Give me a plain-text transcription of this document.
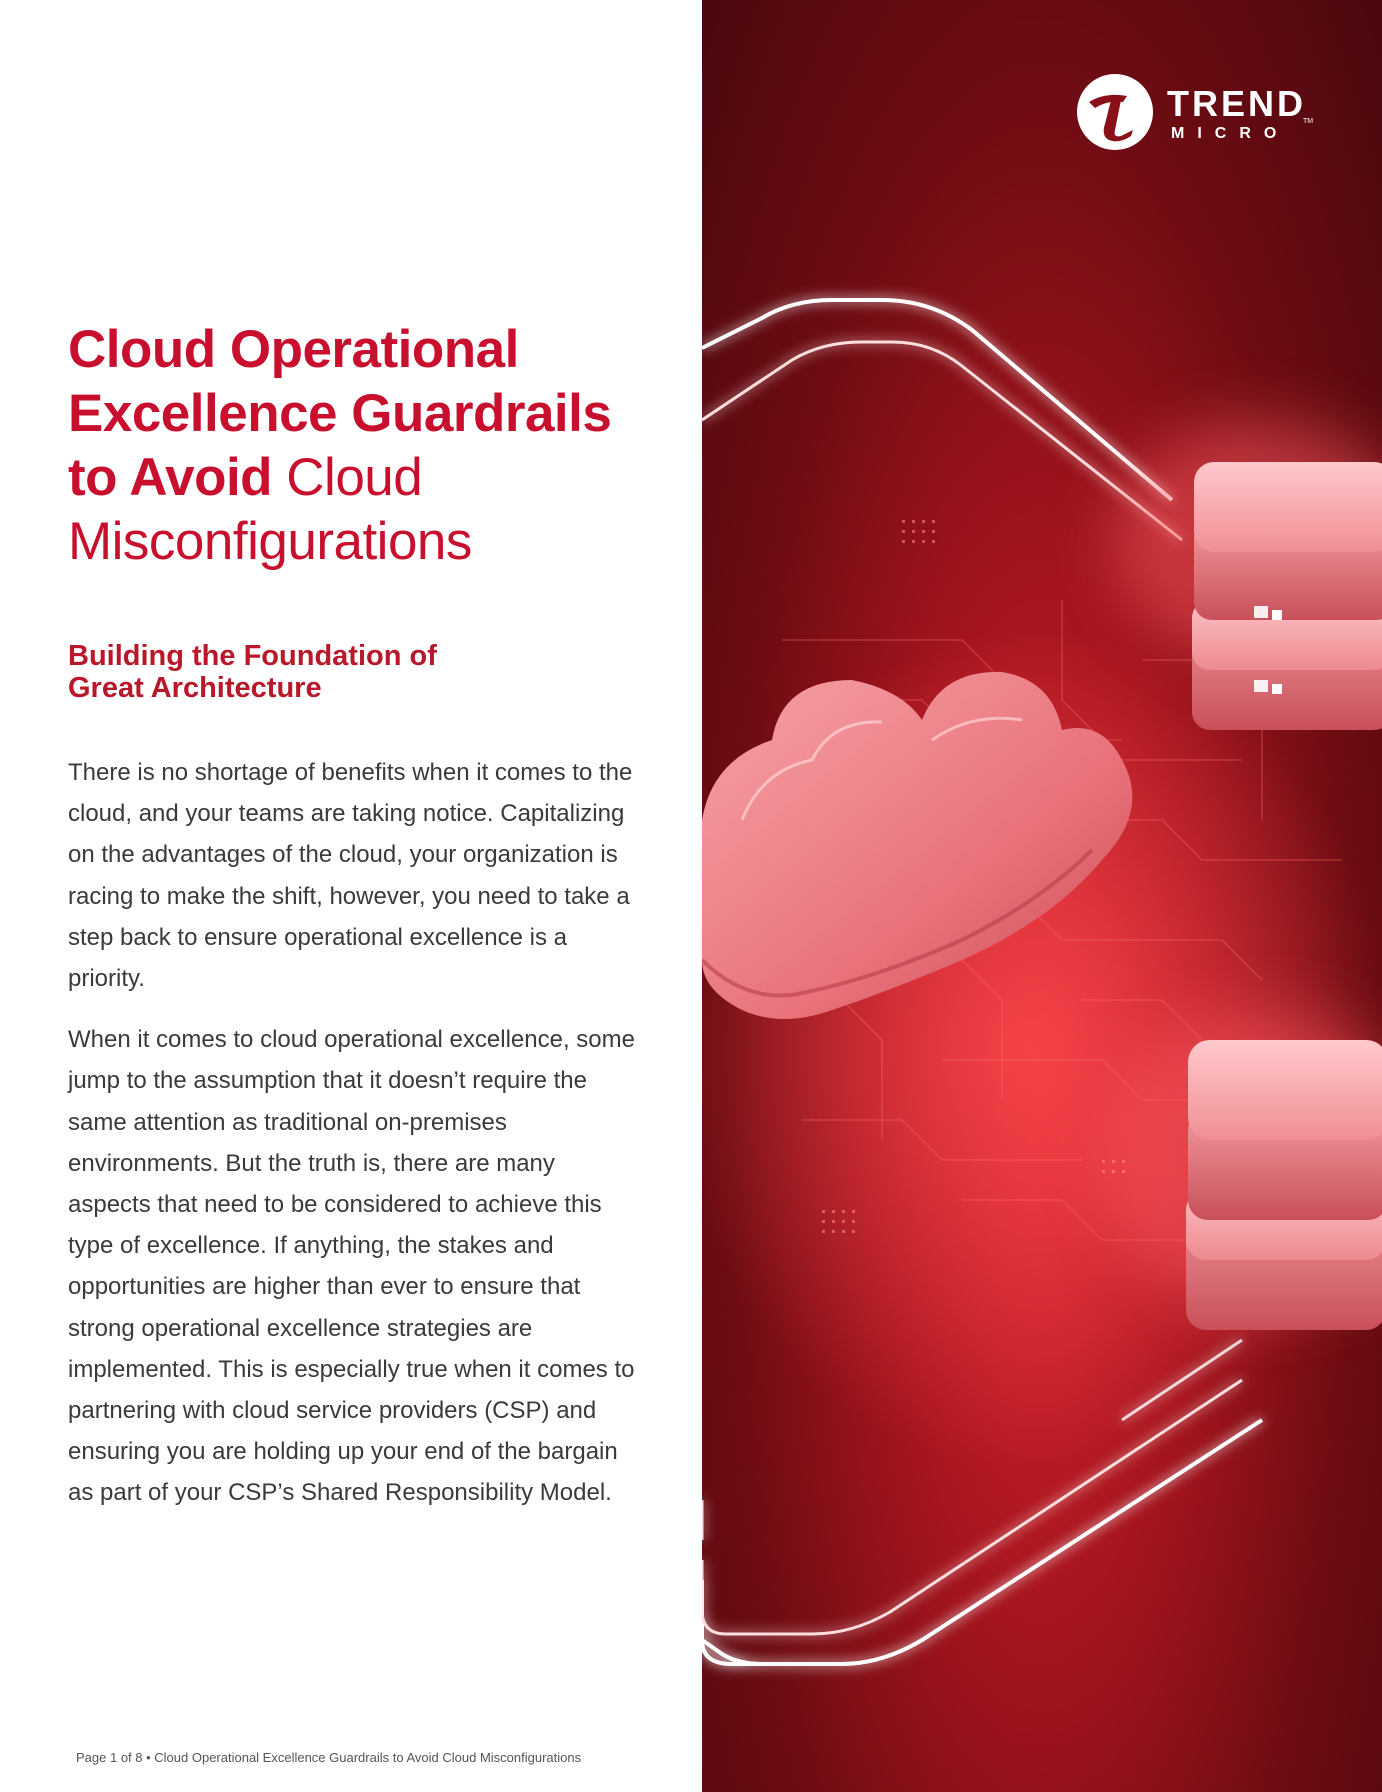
Cloud Operational
Excellence Guardrails
to Avoid Cloud
Misconfigurations
Building the Foundation of
Great Architecture

There is no shortage of benefits when it comes to the cloud, and your teams are taking notice. Capitalizing on the advantages of the cloud, your organization is racing to make the shift, however, you need to take a step back to ensure operational excellence is a priority.

When it comes to cloud operational excellence, some jump to the assumption that it doesn’t require the same attention as traditional on-premises environments. But the truth is, there are many aspects that need to be considered to achieve this type of excellence. If anything, the stakes and opportunities are higher than ever to ensure that strong operational excellence strategies are implemented. This is especially true when it comes to partnering with cloud service providers (CSP) and ensuring you are holding up your end of the bargain as part of your CSP’s Shared Responsibility Model.

Page 1 of 8 • Cloud Operational Excellence Guardrails to Avoid Cloud Misconfigurations
TREND
MICRO
TM
